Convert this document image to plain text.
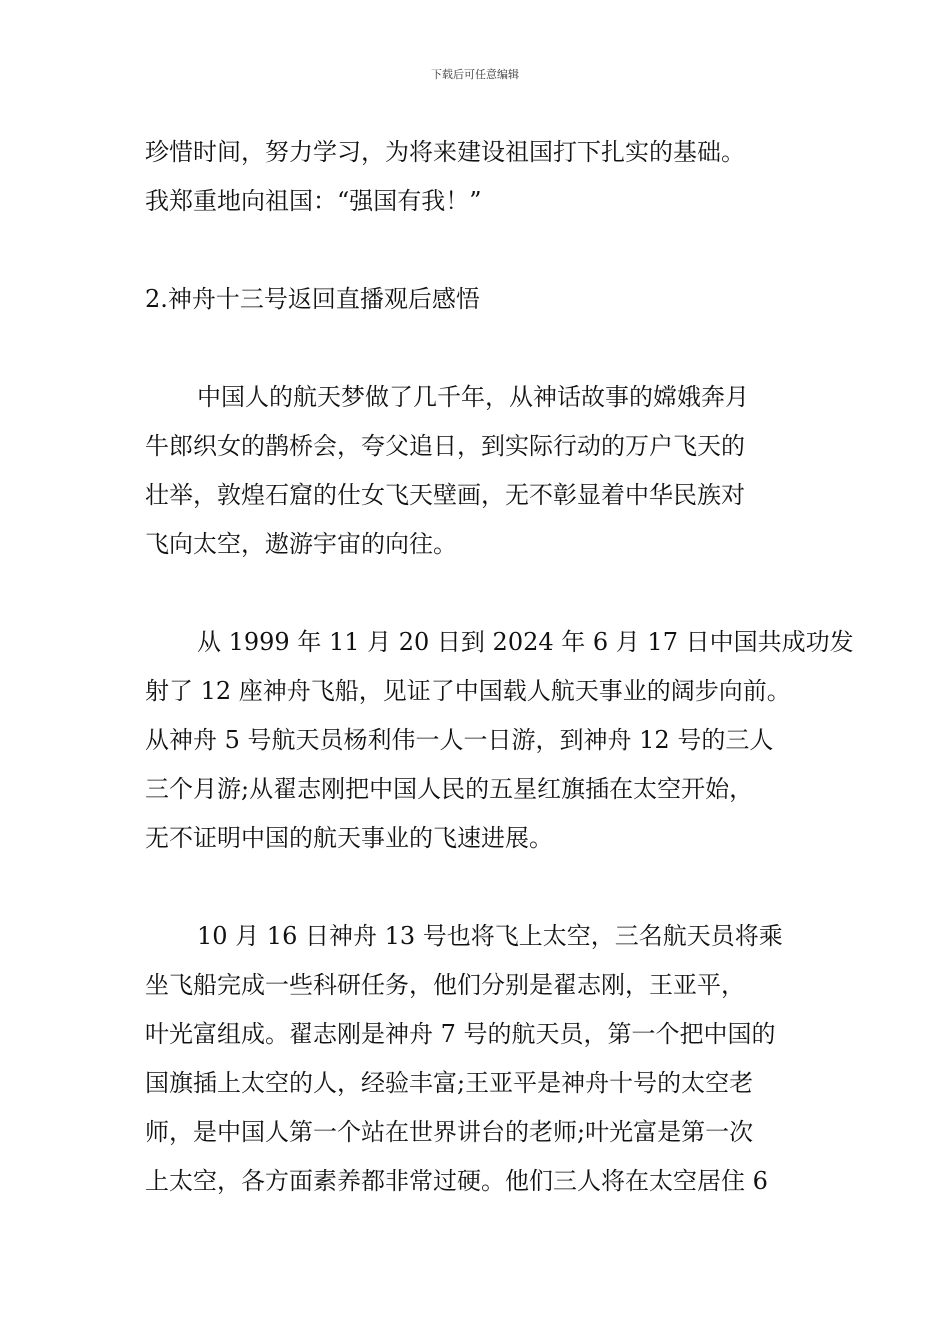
下载后可任意编辑
珍惜时间，努力学习，为将来建设祖国打下扎实的基础。
我郑重地向祖国：“强国有我！”
2.神舟十三号返回直播观后感悟
中国人的航天梦做了几千年，从神话故事的嫦娥奔月
牛郎织女的鹊桥会，夸父追日，到实际行动的万户飞天的
壮举，敦煌石窟的仕女飞天壁画，无不彰显着中华民族对
飞向太空，遨游宇宙的向往。
从 1999 年 11 月 20 日到 2024 年 6 月 17 日中国共成功发
射了 12 座神舟飞船，见证了中国载人航天事业的阔步向前。
从神舟 5 号航天员杨利伟一人一日游，到神舟 12 号的三人
三个月游;从翟志刚把中国人民的五星红旗插在太空开始，
无不证明中国的航天事业的飞速进展。
10 月 16 日神舟 13 号也将飞上太空，三名航天员将乘
坐飞船完成一些科研任务，他们分别是翟志刚，王亚平，
叶光富组成。翟志刚是神舟 7 号的航天员，第一个把中国的
国旗插上太空的人，经验丰富;王亚平是神舟十号的太空老
师，是中国人第一个站在世界讲台的老师;叶光富是第一次
上太空，各方面素养都非常过硬。他们三人将在太空居住 6
